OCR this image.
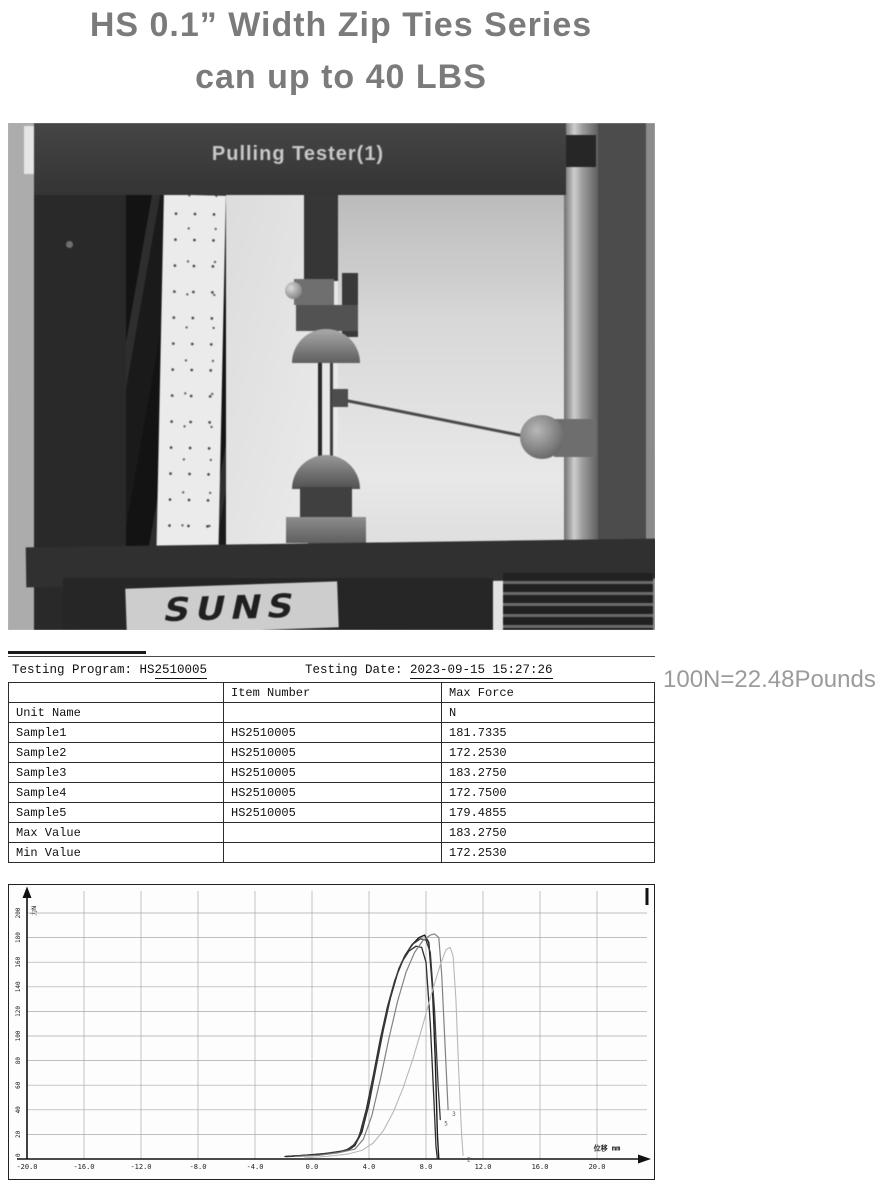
HS 0.1” Width Zip Ties Series
can up to 40 LBS
Pulling Tester(1)
SUNS
Testing Program: HS2510005	Testing Date: 2023-09-15 15:27:26
	Item Number	Max Force
Unit Name		N
Sample1	HS2510005	181.7335
Sample2	HS2510005	172.2530
Sample3	HS2510005	183.2750
Sample4	HS2510005	172.7500
Sample5	HS2510005	179.4855
Max Value		183.2750
Min Value		172.2530
100N=22.48Pounds
-20.0	-16.0	-12.0	-8.0	-4.0	0.0	4.0	8.0	12.0	16.0	20.0
0
20
40
60
80
100
120
140
160
180
200 力N
位移 mm
5
3
2
